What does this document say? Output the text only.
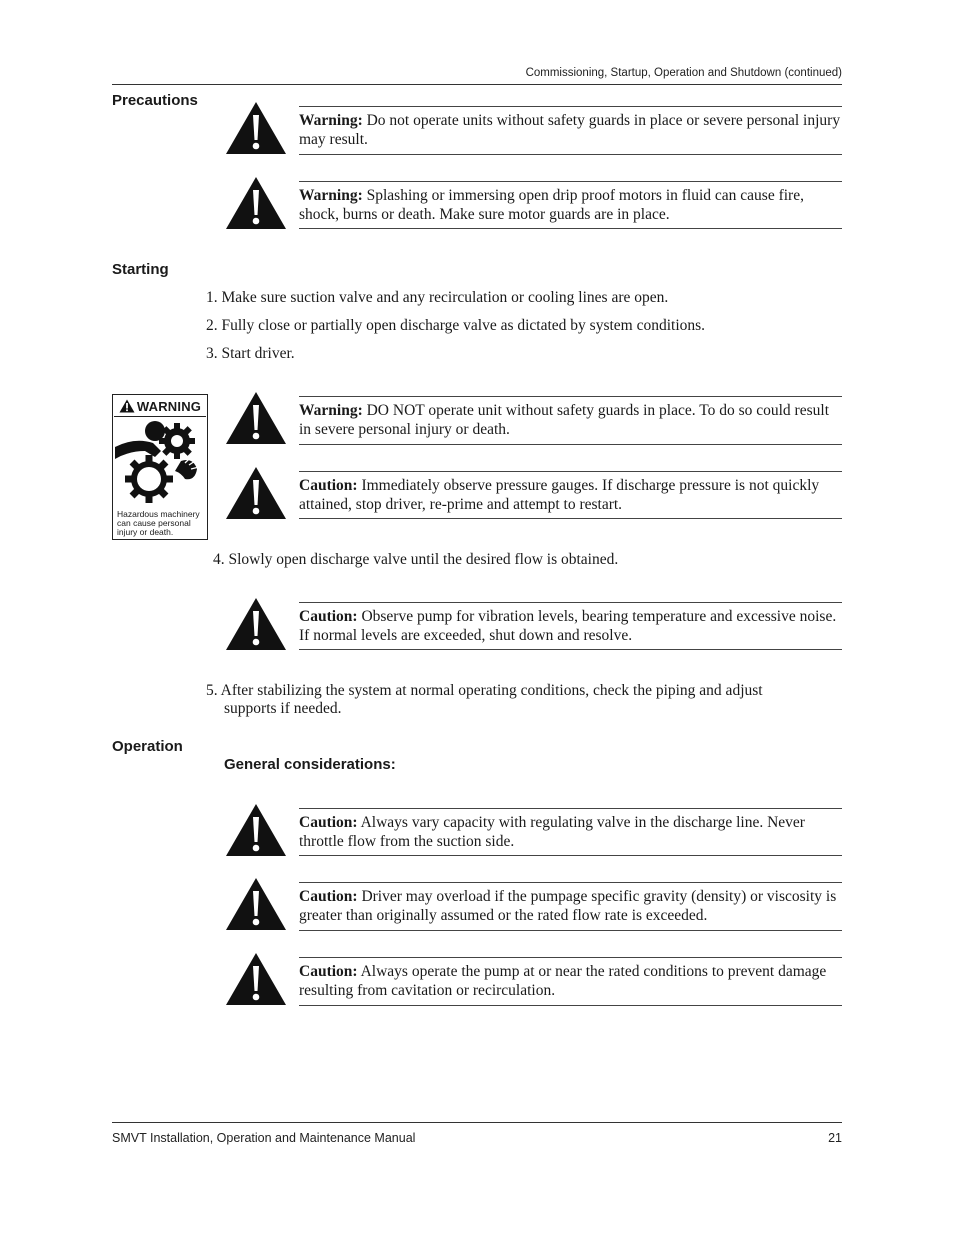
Commissioning, Startup, Operation and Shutdown (continued)
Precautions
Warning: Do not operate units without safety guards in place or severe personal injury may result.
Warning: Splashing or immersing open drip proof motors in fluid can cause fire, shock, burns or death. Make sure motor guards are in place.
Starting
1. Make sure suction valve and any recirculation or cooling lines are open.
2. Fully close or partially open discharge valve as dictated by system conditions.
3. Start driver.
WARNING
Hazardous machinery
can cause personal
injury or death.
Warning: DO NOT operate unit without safety guards in place. To do so could result in severe personal injury or death.
Caution: Immediately observe pressure gauges. If discharge pressure is not quickly attained, stop driver, re-prime and attempt to restart.
4. Slowly open discharge valve until the desired flow is obtained.
Caution: Observe pump for vibration levels, bearing temperature and excessive noise. If normal levels are exceeded, shut down and resolve.
5. After stabilizing the system at normal operating conditions, check the piping and adjust
supports if needed.
Operation
General considerations:
Caution: Always vary capacity with regulating valve in the discharge line. Never throttle flow from the suction side.
Caution: Driver may overload if the pumpage specific gravity (density) or viscosity is greater than originally assumed or the rated flow rate is exceeded.
Caution: Always operate the pump at or near the rated conditions to prevent damage resulting from cavitation or recirculation.
SMVT Installation, Operation and Maintenance Manual	21
